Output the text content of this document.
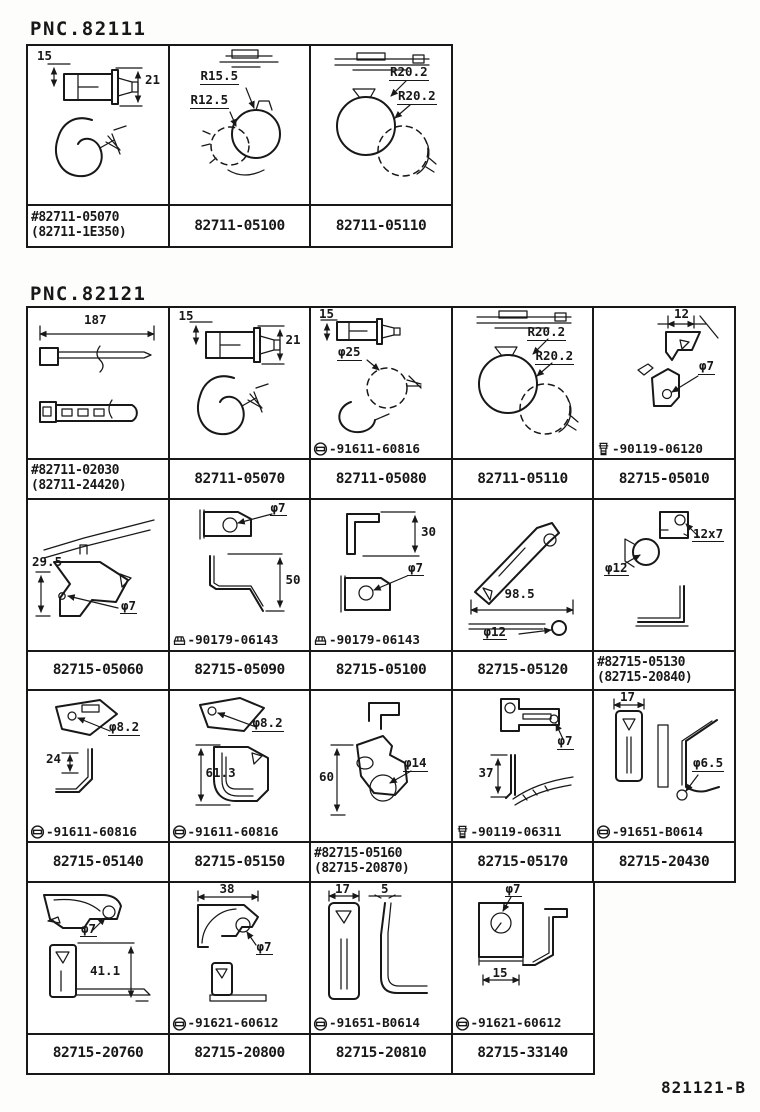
PNC.82111
15
21
#82711-05070
(82711-1E350)
R15.5
R12.5
82711-05100
R20.2
R20.2
82711-05110
PNC.82121
187
#82711-02030
(82711-24420)
15
21
82711-05070
15
φ25
-91611-60816
82711-05080
R20.2
R20.2
82711-05110
12
φ7
-90119-06120
82715-05010
29.5
φ7
82715-05060
φ7
50
-90179-06143
82715-05090
30
φ7
-90179-06143
82715-05100
98.5
φ12
82715-05120
12x7
φ12
#82715-05130
(82715-20840)
φ8.2
24
-91611-60816
82715-05140
φ8.2
61.3
-91611-60816
82715-05150
60
φ14
#82715-05160
(82715-20870)
φ7
37
-90119-06311
82715-05170
17
φ6.5
-91651-B0614
82715-20430
φ7
41.1
82715-20760
38
φ7
-91621-60612
82715-20800
17 5
-91651-B0614
82715-20810
φ7
15
-91621-60612
82715-33140
821121-B
